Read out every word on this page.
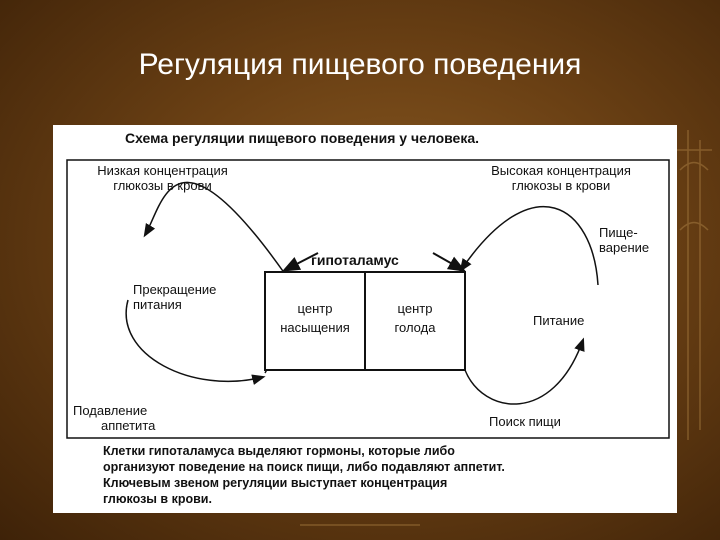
Регуляция пищевого поведения
Схема регуляции пищевого поведения у человека.
Низкая концентрация
глюкозы в крови
Высокая концентрация
глюкозы в крови
Пище-
варение
гипоталамус
Прекращение
питания	центр
насыщения
центр
голода	Питание
Подавление
аппетита	Поиск пищи
Клетки гипоталамуса выделяют гормоны, которые либо
организуют поведение на поиск пищи, либо подавляют аппетит.
Ключевым звеном регуляции выступает концентрация
глюкозы в крови.
